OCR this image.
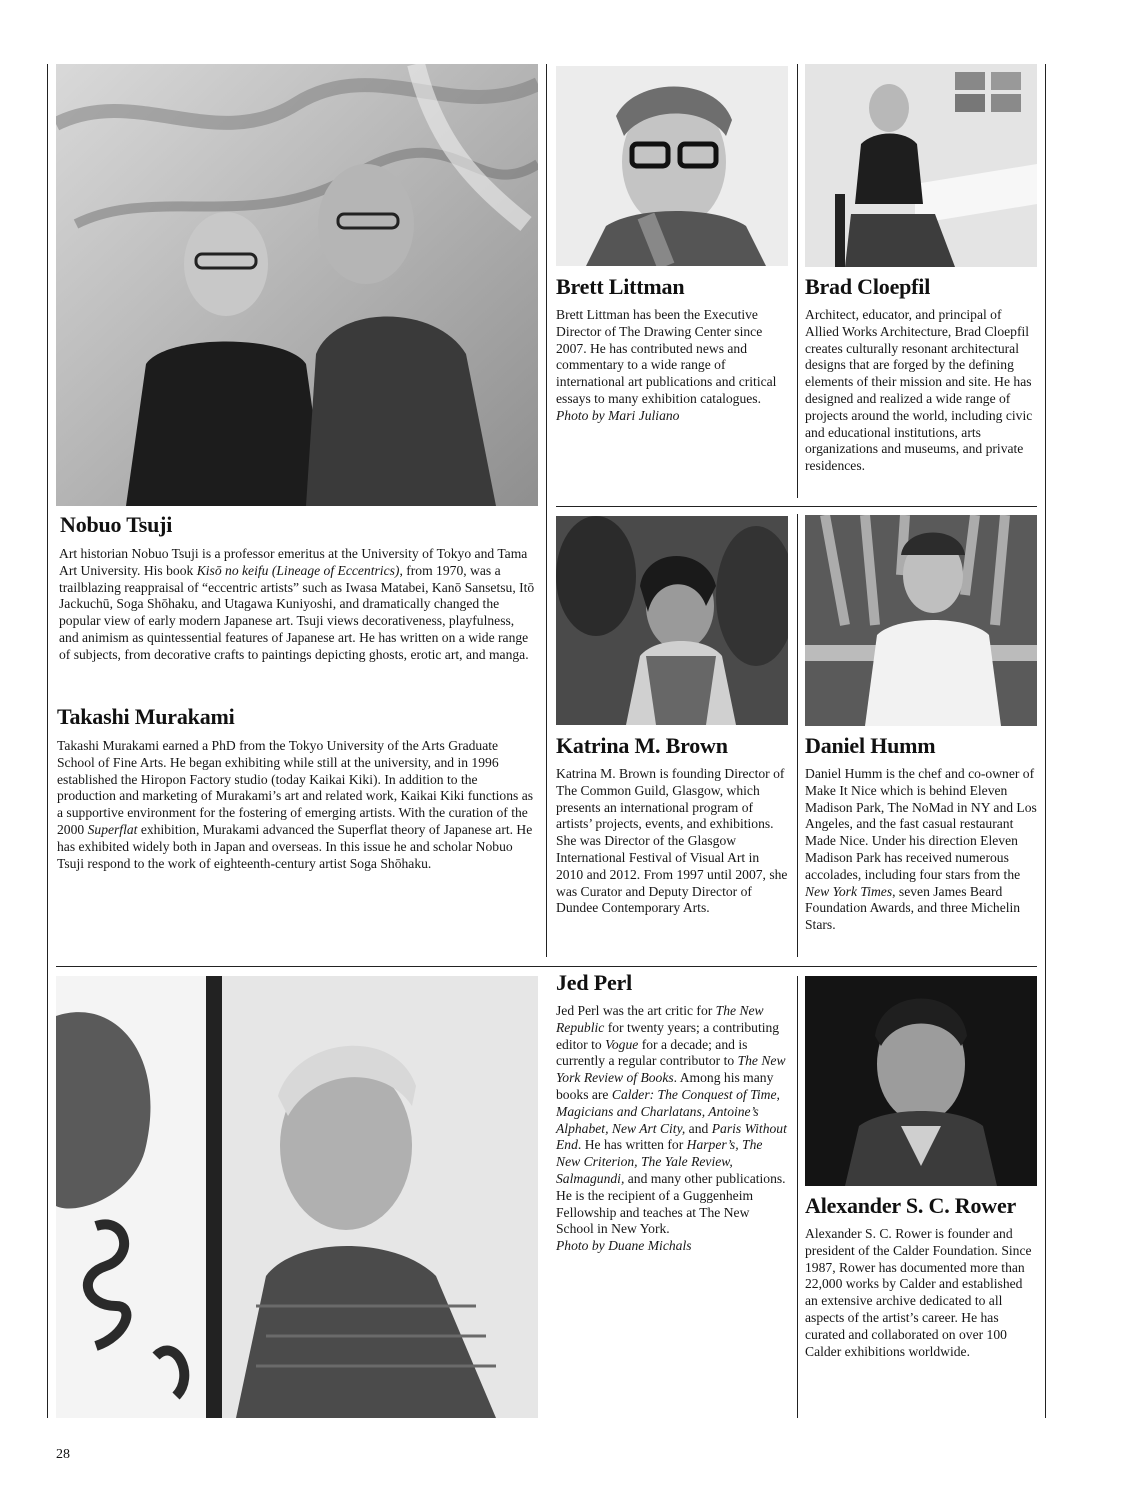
Nobuo Tsuji

Art historian Nobuo Tsuji is a professor emeritus at the University of Tokyo and Tama Art University. His book Kisō no keifu (Lineage of Eccentrics), from 1970, was a trailblazing reappraisal of “eccentric artists” such as Iwasa Matabei, Kanō Sansetsu, Itō Jackuchū, Soga Shōhaku, and Utagawa Kuniyoshi, and dramatically changed the popular view of early modern Japanese art. Tsuji views decorativeness, playfulness, and animism as quintessential features of Japanese art. He has written on a wide range of subjects, from decorative crafts to paintings depicting ghosts, erotic art, and manga.

Takashi Murakami

Takashi Murakami earned a PhD from the Tokyo University of the Arts Graduate School of Fine Arts. He began exhibiting while still at the university, and in 1996 established the Hiropon Factory studio (today Kaikai Kiki). In addition to the production and marketing of Murakami’s art and related work, Kaikai Kiki functions as a supportive environment for the fostering of emerging artists. With the curation of the 2000 Superflat exhibition, Murakami advanced the Superflat theory of Japanese art. He has exhibited widely both in Japan and overseas. In this issue he and scholar Nobuo Tsuji respond to the work of eighteenth-century artist Soga Shōhaku.

Brett Littman

Brett Littman has been the Executive Director of The Drawing Center since 2007. He has contributed news and commentary to a wide range of international art publications and critical essays to many exhibition catalogues.
Photo by Mari Juliano

Brad Cloepfil

Architect, educator, and principal of Allied Works Architecture, Brad Cloepfil creates culturally resonant architectural designs that are forged by the defining elements of their mission and site. He has designed and realized a wide range of projects around the world, including civic and educational institutions, arts organizations and museums, and private residences.

Katrina M. Brown

Katrina M. Brown is founding Director of The Common Guild, Glasgow, which presents an international program of artists’ projects, events, and exhibitions. She was Director of the Glasgow International Festival of Visual Art in 2010 and 2012. From 1997 until 2007, she was Curator and Deputy Director of Dundee Contemporary Arts.

Daniel Humm

Daniel Humm is the chef and co-owner of Make It Nice which is behind Eleven Madison Park, The NoMad in NY and Los Angeles, and the fast casual restaurant Made Nice. Under his direction Eleven Madison Park has received numerous accolades, including four stars from the New York Times, seven James Beard Foundation Awards, and three Michelin Stars.

Jed Perl

Jed Perl was the art critic for The New Republic for twenty years; a contributing editor to Vogue for a decade; and is currently a regular contributor to The New York Review of Books. Among his many books are Calder: The Conquest of Time, Magicians and Charlatans, Antoine’s Alphabet, New Art City, and Paris Without End. He has written for Harper’s, The New Criterion, The Yale Review, Salmagundi, and many other publications. He is the recipient of a Guggenheim Fellowship and teaches at The New School in New York.
Photo by Duane Michals

Alexander S. C. Rower

Alexander S. C. Rower is founder and president of the Calder Foundation. Since 1987, Rower has documented more than 22,000 works by Calder and established an extensive archive dedicated to all aspects of the artist’s career. He has curated and collaborated on over 100 Calder exhibitions worldwide.

28
